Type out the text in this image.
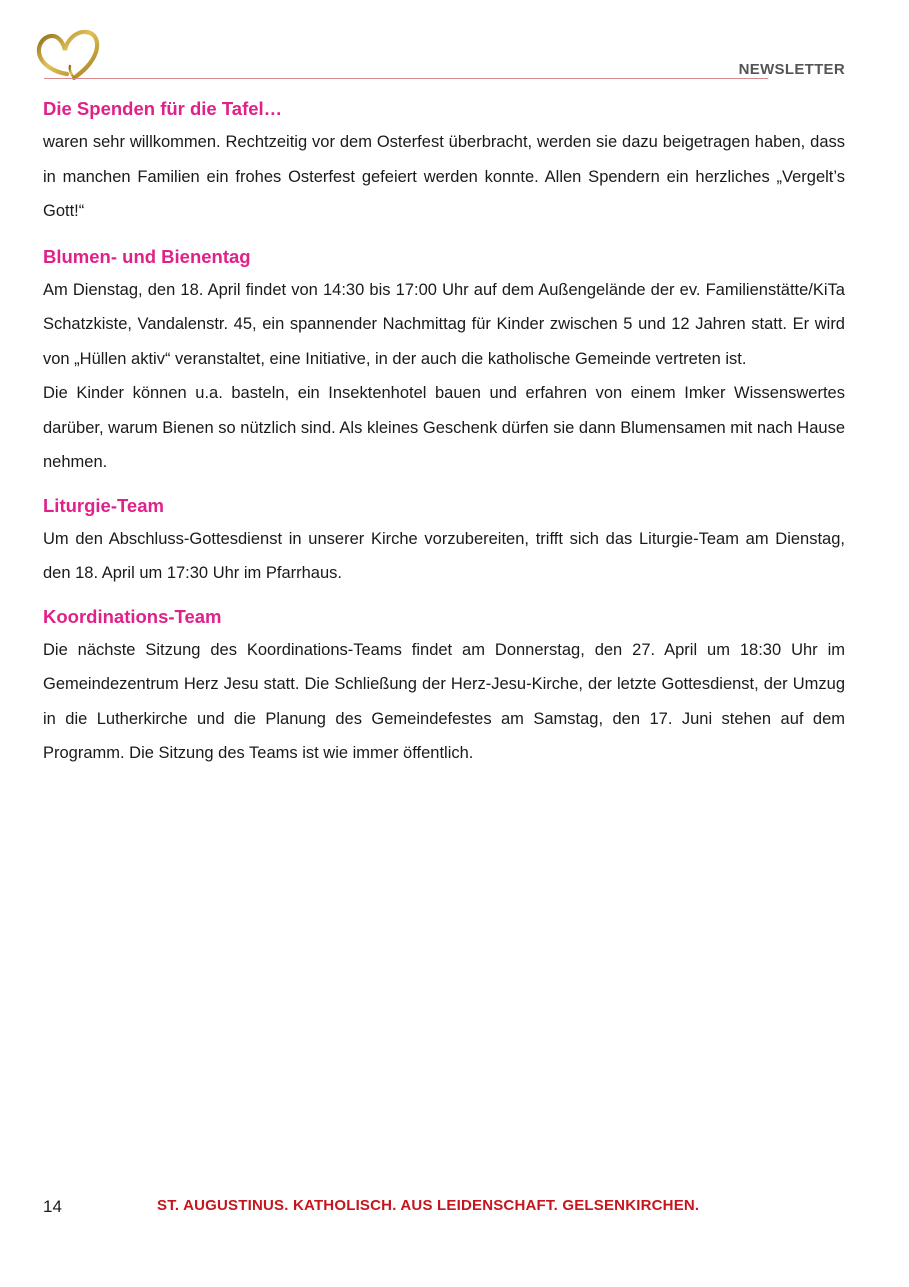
NEWSLETTER
Die Spenden für die Tafel…

waren sehr willkommen. Rechtzeitig vor dem Osterfest überbracht, werden sie dazu beigetragen haben, dass in manchen Familien ein frohes Osterfest gefeiert werden konnte. Allen Spendern ein herzliches „Vergelt’s Gott!“

Blumen- und Bienentag

Am Dienstag, den 18. April findet von 14:30 bis 17:00 Uhr auf dem Außengelände der ev. Familienstätte/KiTa Schatzkiste, Vandalenstr. 45, ein spannender Nachmittag für Kinder zwischen 5 und 12 Jahren statt. Er wird von „Hüllen aktiv“ veranstaltet, eine Initiative, in der auch die katholische Gemeinde vertreten ist.

Die Kinder können u.a. basteln, ein Insektenhotel bauen und erfahren von einem Imker Wissenswertes darüber, warum Bienen so nützlich sind. Als kleines Geschenk dürfen sie dann Blumensamen mit nach Hause nehmen.

Liturgie-Team

Um den Abschluss-Gottesdienst in unserer Kirche vorzubereiten, trifft sich das Liturgie-Team am Dienstag, den 18. April um 17:30 Uhr im Pfarrhaus.

Koordinations-Team

Die nächste Sitzung des Koordinations-Teams findet am Donnerstag, den 27. April um 18:30 Uhr im Gemeindezentrum Herz Jesu statt. Die Schließung der Herz-Jesu-Kirche, der letzte Gottesdienst, der Umzug in die Lutherkirche und die Planung des Gemeindefestes am Samstag, den 17. Juni stehen auf dem Programm. Die Sitzung des Teams ist wie immer öffentlich.

14	ST. AUGUSTINUS. KATHOLISCH. AUS LEIDENSCHAFT. GELSENKIRCHEN.
